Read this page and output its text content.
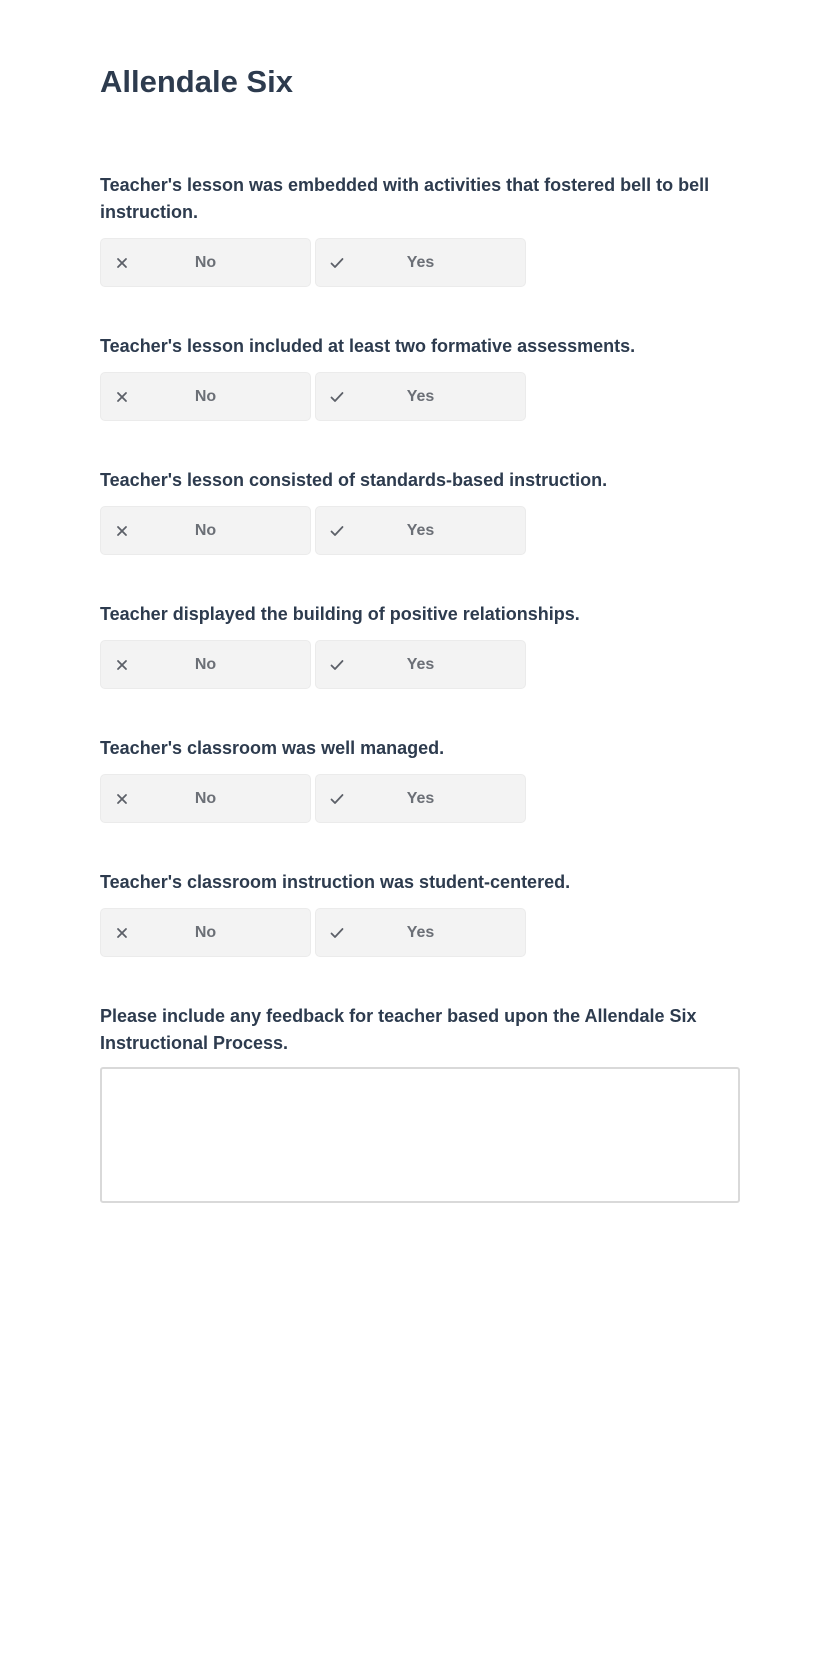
Allendale Six

Teacher's lesson was embedded with activities that fostered bell to bell instruction.

No	Yes

Teacher's lesson included at least two formative assessments.

No	Yes

Teacher's lesson consisted of standards-based instruction.

No	Yes

Teacher displayed the building of positive relationships.

No	Yes

Teacher's classroom was well managed.

No	Yes

Teacher's classroom instruction was student-centered.

No	Yes

Please include any feedback for teacher based upon the Allendale Six Instructional Process.
